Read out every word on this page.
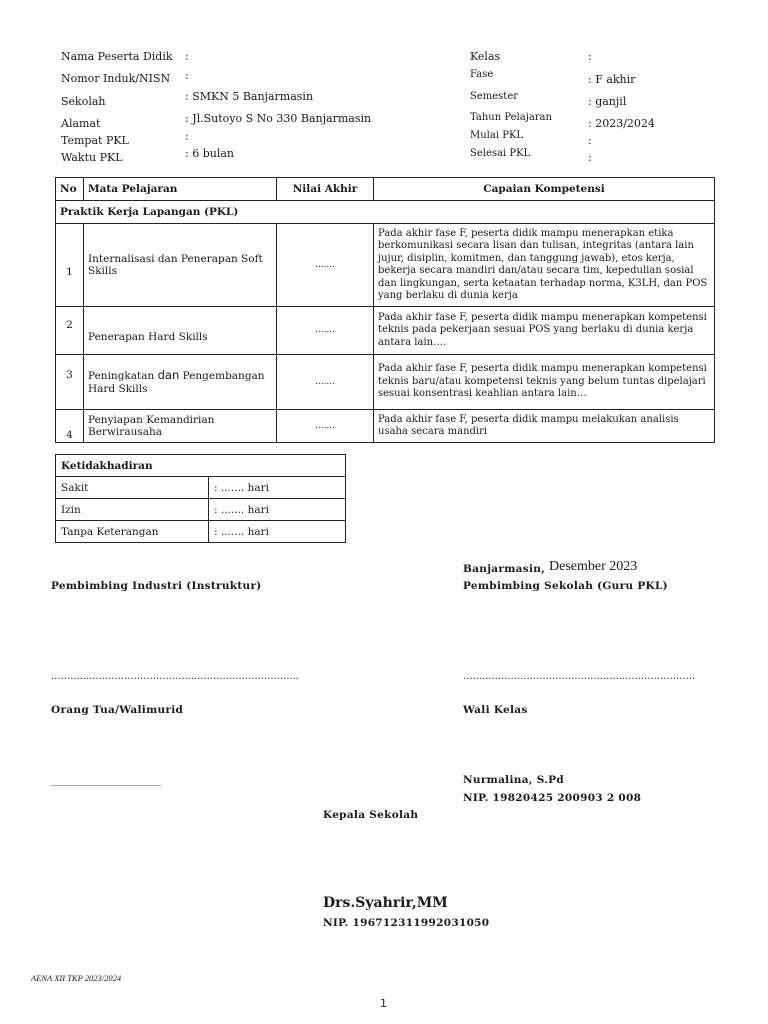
Nama Peserta Didik :
Nomor Induk/NISN :
Sekolah	: SMKN 5 Banjarmasin
Alamat	: Jl.Sutoyo S No 330 Banjarmasin
Tempat PKL	:
Waktu PKL	: 6 bulan
Kelas	:
Fase	: F akhir
Semester	: ganjil
Tahun Pelajaran	: 2023/2024
Mulai PKL	:
Selesai PKL	:
No	Mata Pelajaran	Nilai Akhir	Capaian Kompetensi
Praktik Kerja Lapangan (PKL)			
1	Internalisasi dan Penerapan Soft Skills	.......	Pada akhir fase F, peserta didik mampu menerapkan etika berkomunikasi secara lisan dan tulisan, integritas (antara lain jujur, disiplin, komitmen, dan tanggung jawab), etos kerja, bekerja secara mandiri dan/atau secara tim, kepedulian sosial dan lingkungan, serta ketaatan terhadap norma, K3LH, dan POS yang berlaku di dunia kerja
2	Penerapan Hard Skills	.......	Pada akhir fase F, peserta didik mampu menerapkan kompetensi teknis pada pekerjaan sesuai POS yang berlaku di dunia kerja antara lain….
3	Peningkatan dan Pengembangan Hard Skills	.......	Pada akhir fase F, peserta didik mampu menerapkan kompetensi teknis baru/atau kompetensi teknis yang belum tuntas dipelajari sesuai konsentrasi keahlian antara lain…
4	Penyiapan Kemandirian Berwirausaha	.......	Pada akhir fase F, peserta didik mampu melakukan analisis usaha secara mandiri
Ketidakhadiran	
Sakit	: ....... hari
Izin	: ....... hari
Tanpa Keterangan	: ....... hari
Banjarmasin, Desember 2023
Pembimbing Industri (Instruktur)	Pembimbing Sekolah (Guru PKL)
..............................................................................	.........................................................................
Orang Tua/Walimurid	Wali Kelas
______________________	Nurmalina, S.Pd
NIP. 19820425 200903 2 008
Kepala Sekolah
Drs.Syahrir,MM
NIP. 196712311992031050
AENA XII TKP 2023/2024
1
